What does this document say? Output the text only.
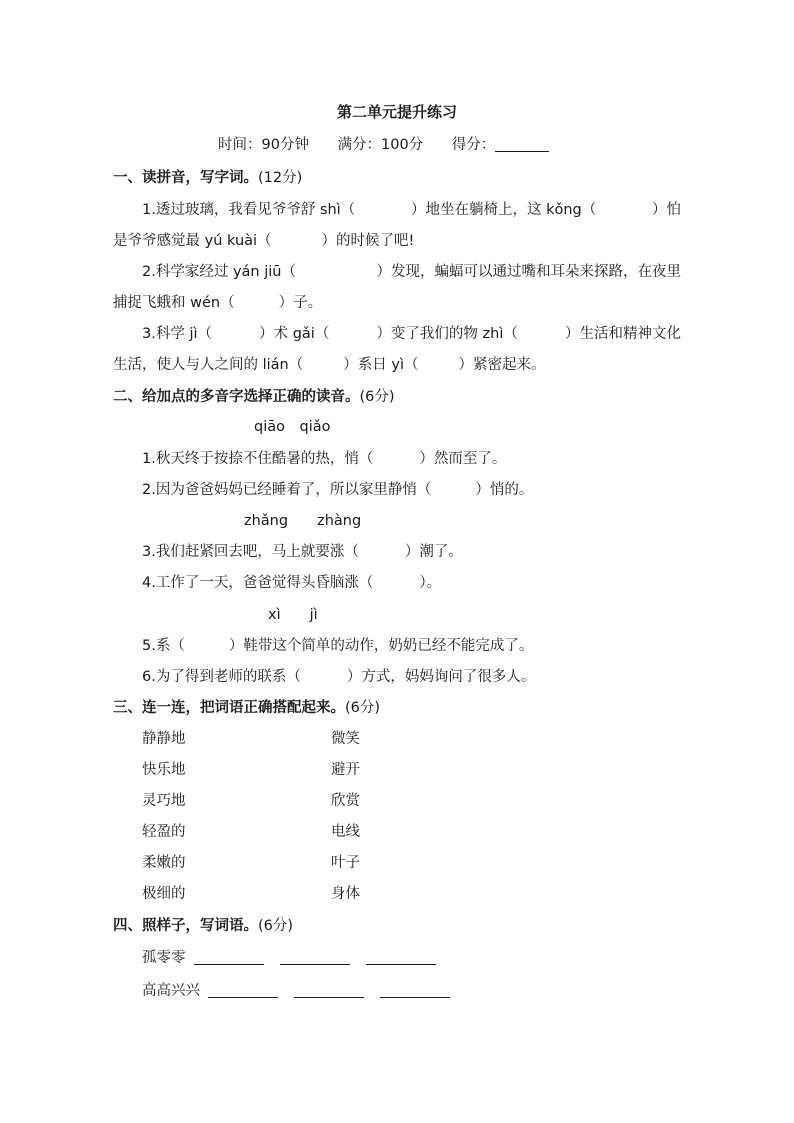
第二单元提升练习
时间：90分钟 满分：100分 得分：
一、读拼音，写字词。(12分)
1.透过玻璃，我看见爷爷舒 shì（	）地坐在躺椅上，这 kǒng（	）怕
是爷爷感觉最 yú kuài（	）的时候了吧!
2.科学家经过 yán jiū（	）发现，蝙蝠可以通过嘴和耳朵来探路，在夜里
捕捉飞蛾和 wén（	）子。
3.科学 jì（	）术 gǎi（	）变了我们的物 zhì（	）生活和精神文化
生活，使人与人之间的 lián（	）系日 yì（	）紧密起来。
二、给加点的多音字选择正确的读音。(6分)
qiāo　qiǎo
1.秋天终于按捺不住酷暑的热，悄（	）然而至了。
2.因为爸爸妈妈已经睡着了，所以家里静悄（	）悄的。
zhǎng　　zhàng
3.我们赶紧回去吧，马上就要涨（	）潮了。
4.工作了一天，爸爸觉得头昏脑涨（	）。
xì　　jì
5.系（	）鞋带这个简单的动作，奶奶已经不能完成了。
6.为了得到老师的联系（	）方式，妈妈询问了很多人。
三、连一连，把词语正确搭配起来。(6分)
静静地	微笑
快乐地	避开
灵巧地	欣赏
轻盈的	电线
柔嫩的	叶子
极细的	身体
四、照样子，写词语。(6分)
孤零零
高高兴兴
